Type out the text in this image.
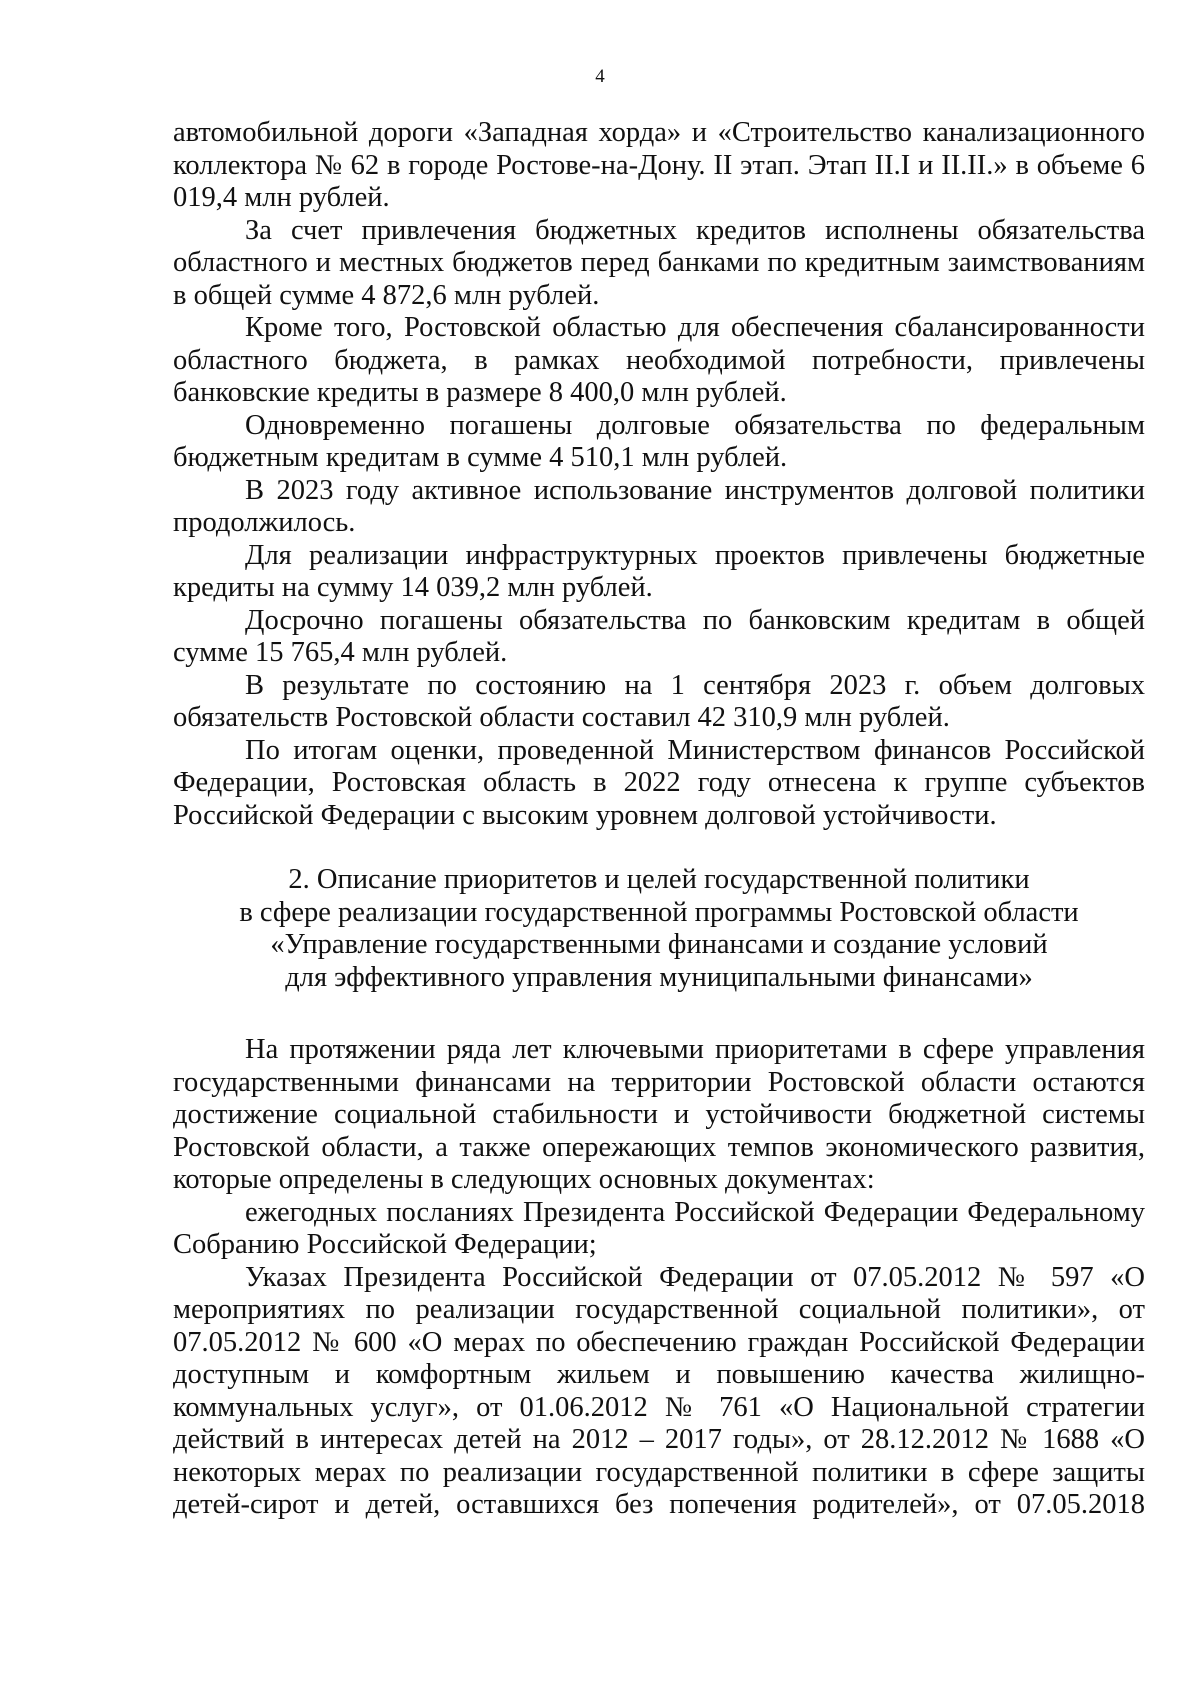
4

автомобильной дороги «Западная хорда» и «Строительство канализационного коллектора № 62 в городе Ростове-на-Дону. II этап. Этап II.I и II.II.» в объеме 6 019,4 млн рублей.

За счет привлечения бюджетных кредитов исполнены обязательства областного и местных бюджетов перед банками по кредитным заимствованиям в общей сумме 4 872,6 млн рублей.

Кроме того, Ростовской областью для обеспечения сбалансированности областного бюджета, в рамках необходимой потребности, привлечены банковские кредиты в размере 8 400,0 млн рублей.

Одновременно погашены долговые обязательства по федеральным бюджетным кредитам в сумме 4 510,1 млн рублей.

В 2023 году активное использование инструментов долговой политики продолжилось.

Для реализации инфраструктурных проектов привлечены бюджетные кредиты на сумму 14 039,2 млн рублей.

Досрочно погашены обязательства по банковским кредитам в общей сумме 15 765,4 млн рублей.

В результате по состоянию на 1 сентября 2023 г. объем долговых обязательств Ростовской области составил 42 310,9 млн рублей.

По итогам оценки, проведенной Министерством финансов Российской Федерации, Ростовская область в 2022 году отнесена к группе субъектов Российской Федерации с высоким уровнем долговой устойчивости.

2. Описание приоритетов и целей государственной политики
в сфере реализации государственной программы Ростовской области
«Управление государственными финансами и создание условий
для эффективного управления муниципальными финансами»

На протяжении ряда лет ключевыми приоритетами в сфере управления государственными финансами на территории Ростовской области остаются достижение социальной стабильности и устойчивости бюджетной системы Ростовской области, а также опережающих темпов экономического развития, которые определены в следующих основных документах:

ежегодных посланиях Президента Российской Федерации Федеральному Собранию Российской Федерации;

Указах Президента Российской Федерации от 07.05.2012 № 597 «О мероприятиях по реализации государственной социальной политики», от 07.05.2012 № 600 «О мерах по обеспечению граждан Российской Федерации доступным и комфортным жильем и повышению качества жилищно-коммунальных услуг», от 01.06.2012 № 761 «О Национальной стратегии действий в интересах детей на 2012 – 2017 годы», от 28.12.2012 № 1688 «О некоторых мерах по реализации государственной политики в сфере защиты детей-сирот и детей, оставшихся без попечения родителей», от 07.05.2018
